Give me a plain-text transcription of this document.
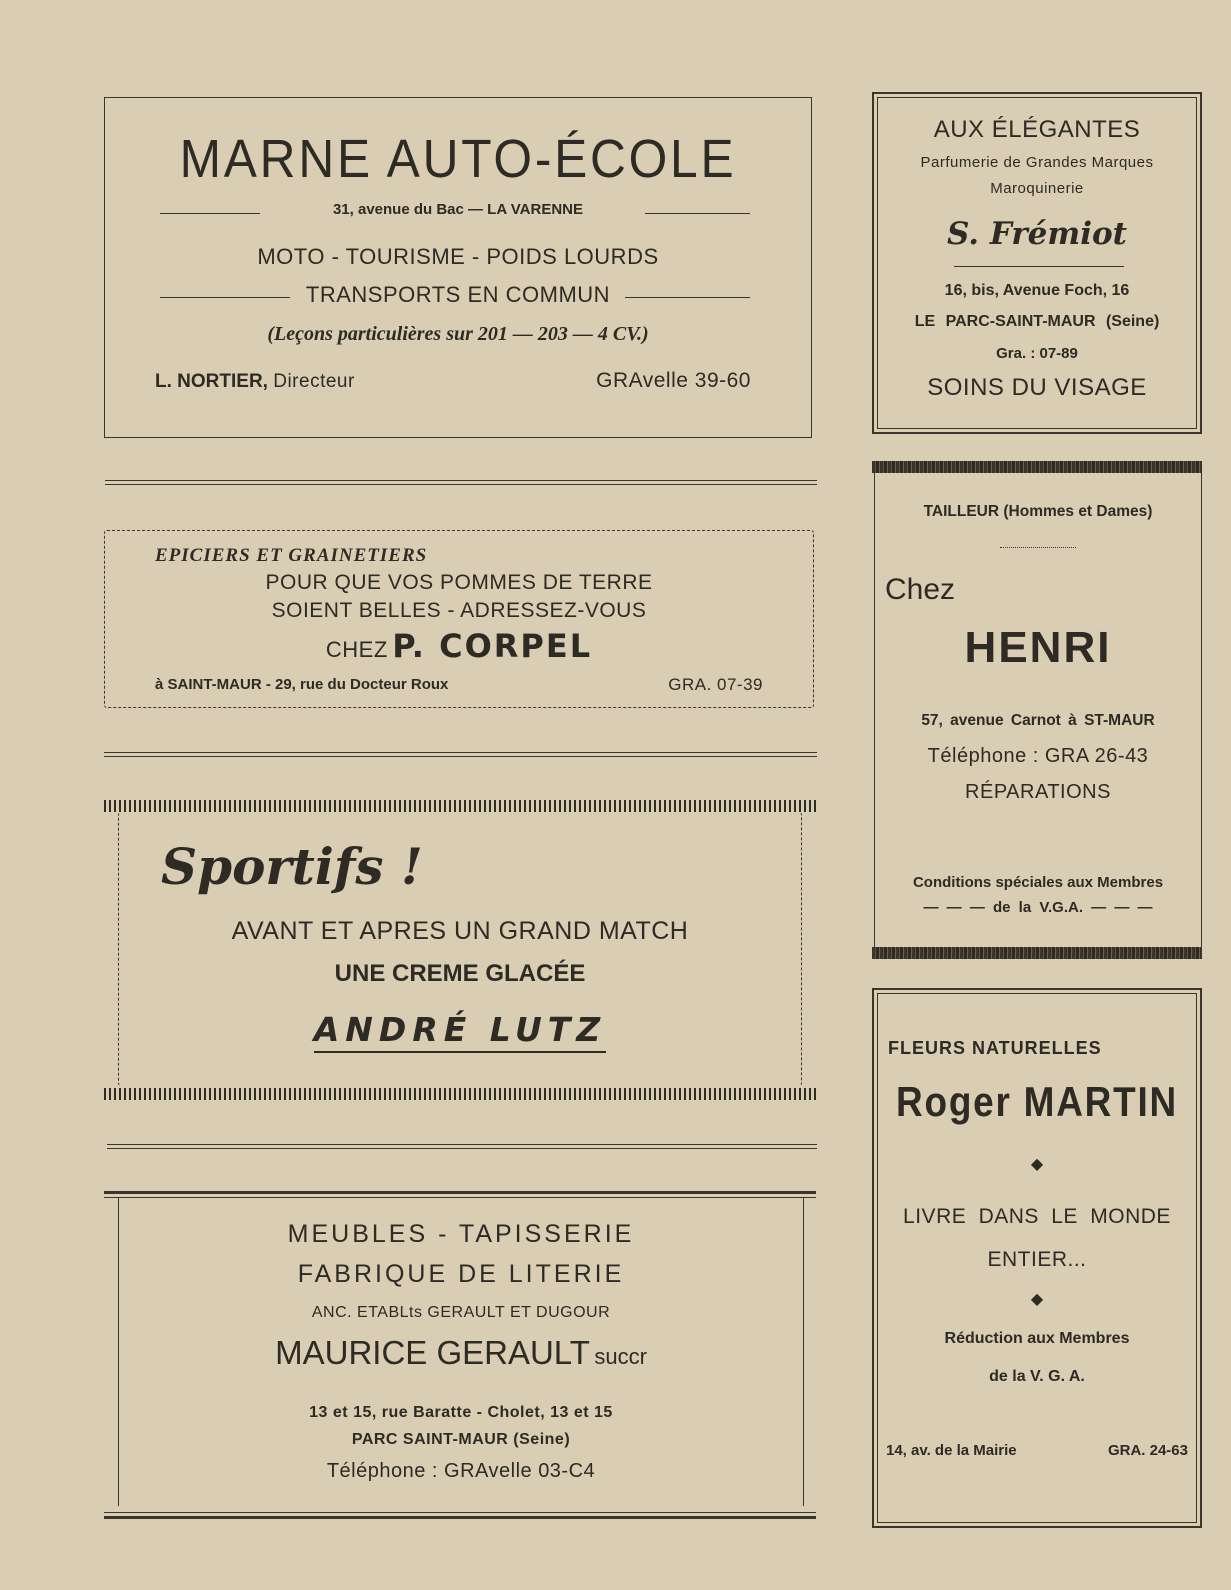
MARNE AUTO-ÉCOLE
31, avenue du Bac — LA VARENNE
MOTO - TOURISME - POIDS LOURDS
TRANSPORTS EN COMMUN
(Leçons particulières sur 201 — 203 — 4 CV.)
L. NORTIER, Directeur	GRAvelle 39-60
EPICIERS ET GRAINETIERS
POUR QUE VOS POMMES DE TERRE
SOIENT BELLES - ADRESSEZ-VOUS
CHEZ P. CORPEL
à SAINT-MAUR - 29, rue du Docteur Roux	GRA. 07-39
Sportifs !
AVANT ET APRES UN GRAND MATCH
UNE CREME GLACÉE
ANDRÉ LUTZ
MEUBLES - TAPISSERIE
FABRIQUE DE LITERIE
ANC. ETABLts GERAULT ET DUGOUR
MAURICE GERAULT succr
13 et 15, rue Baratte - Cholet, 13 et 15
PARC SAINT-MAUR (Seine)
Téléphone : GRAvelle 03-C4
AUX ÉLÉGANTES
Parfumerie de Grandes Marques
Maroquinerie
S. Frémiot
16, bis, Avenue Foch, 16
LE PARC-SAINT-MAUR (Seine)
Gra. : 07-89
SOINS DU VISAGE
TAILLEUR (Hommes et Dames)
Chez
HENRI
57, avenue Carnot à ST-MAUR
Téléphone : GRA 26-43
RÉPARATIONS
Conditions spéciales aux Membres
— — — de la V.G.A. — — —
FLEURS NATURELLES
Roger MARTIN
◆
LIVRE DANS LE MONDE
ENTIER...
◆
Réduction aux Membres
de la V. G. A.
14, av. de la Mairie	GRA. 24-63
